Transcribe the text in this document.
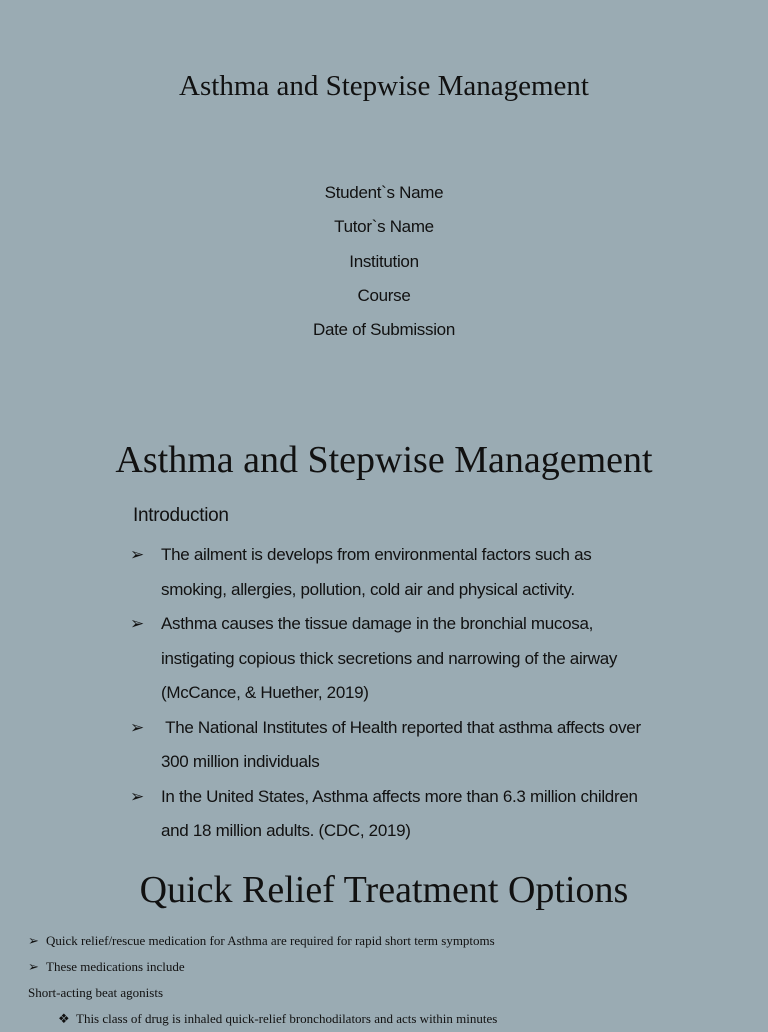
Asthma and Stepwise Management
Student`s Name
Tutor`s Name
Institution
Course
Date of Submission
Asthma and Stepwise Management
Introduction
➢	The ailment is develops from environmental factors such as
smoking, allergies, pollution, cold air and physical activity.
➢	Asthma causes the tissue damage in the bronchial mucosa,
instigating copious thick secretions and narrowing of the airway
(McCance, & Huether, 2019)
➢	The National Institutes of Health reported that asthma affects over
300 million individuals
➢	In the United States, Asthma affects more than 6.3 million children
and 18 million adults. (CDC, 2019)
Quick Relief Treatment Options
➢ Quick relief/rescue medication for Asthma are required for rapid short term symptoms
➢ These medications include
Short-acting beat agonists
❖ This class of drug is inhaled quick-relief bronchodilators and acts within minutes
